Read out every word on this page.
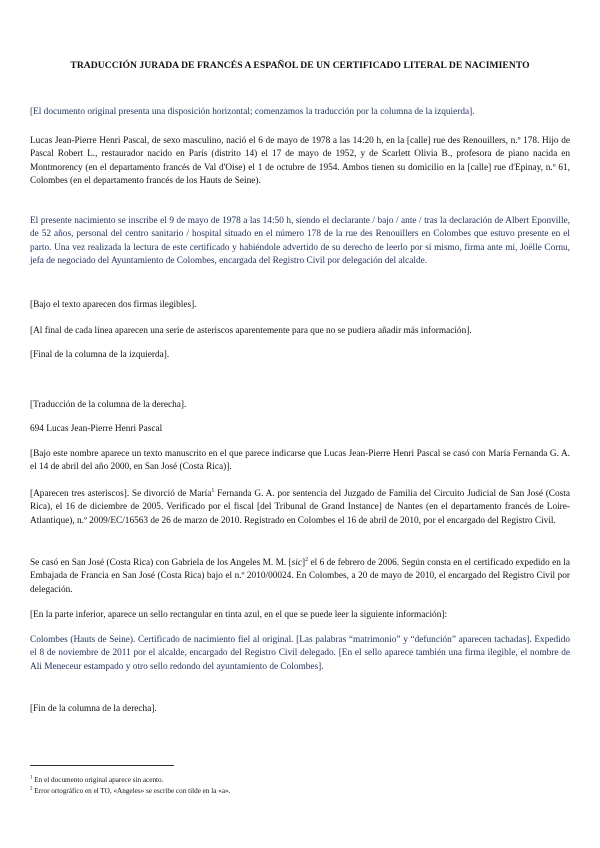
TRADUCCIÓN JURADA DE FRANCÉS A ESPAÑOL DE UN CERTIFICADO LITERAL DE NACIMIENTO

[El documento original presenta una disposición horizontal; comenzamos la traducción por la columna de la izquierda].

Lucas Jean-Pierre Henri Pascal, de sexo masculino, nació el 6 de mayo de 1978 a las 14:20 h, en la [calle] rue des Renouillers, n.º 178. Hijo de Pascal Robert L., restaurador nacido en París (distrito 14) el 17 de mayo de 1952, y de Scarlett Olivia B., profesora de piano nacida en Montmorency (en el departamento francés de Val d'Oise) el 1 de octubre de 1954. Ambos tienen su domicilio en la [calle] rue d'Epinay, n.º 61, Colombes (en el departamento francés de los Hauts de Seine).

El presente nacimiento se inscribe el 9 de mayo de 1978 a las 14:50 h, siendo el declarante / bajo / ante / tras la declaración de Albert Eponville, de 52 años, personal del centro sanitario / hospital situado en el número 178 de la rue des Renouillers en Colombes que estuvo presente en el parto. Una vez realizada la lectura de este certificado y habiéndole advertido de su derecho de leerlo por sí mismo, firma ante mí, Joëlle Cornu, jefa de negociado del Ayuntamiento de Colombes, encargada del Registro Civil por delegación del alcalde.

[Bajo el texto aparecen dos firmas ilegibles].

[Al final de cada línea aparecen una serie de asteriscos aparentemente para que no se pudiera añadir más información].

[Final de la columna de la izquierda].

[Traducción de la columna de la derecha].

694 Lucas Jean-Pierre Henri Pascal

[Bajo este nombre aparece un texto manuscrito en el que parece indicarse que Lucas Jean-Pierre Henri Pascal se casó con María Fernanda G. A. el 14 de abril del año 2000, en San José (Costa Rica)].

[Aparecen tres asteriscos]. Se divorció de María$^1$ Fernanda G. A. por sentencia del Juzgado de Familia del Circuito Judicial de San José (Costa Rica), el 16 de diciembre de 2005. Verificado por el fiscal [del Tribunal de Grand Instance] de Nantes (en el departamento francés de Loire-Atlantique), n.º 2009/EC/16563 de 26 de marzo de 2010. Registrado en Colombes el 16 de abril de 2010, por el encargado del Registro Civil.

Se casó en San José (Costa Rica) con Gabriela de los Angeles M. M. [sic]$^2$ el 6 de febrero de 2006. Según consta en el certificado expedido en la Embajada de Francia en San José (Costa Rica) bajo el n.º 2010/00024. En Colombes, a 20 de mayo de 2010, el encargado del Registro Civil por delegación.

[En la parte inferior, aparece un sello rectangular en tinta azul, en el que se puede leer la siguiente información]:

Colombes (Hauts de Seine). Certificado de nacimiento fiel al original. [Las palabras “matrimonio” y “defunción” aparecen tachadas]. Expedido el 8 de noviembre de 2011 por el alcalde, encargado del Registro Civil delegado. [En el sello aparece también una firma ilegible, el nombre de Ali Meneceur estampado y otro sello redondo del ayuntamiento de Colombes].

[Fin de la columna de la derecha].

$^1$ En el documento original aparece sin acento.
$^2$ Error ortográfico en el TO, «Angeles» se escribe con tilde en la «a».
